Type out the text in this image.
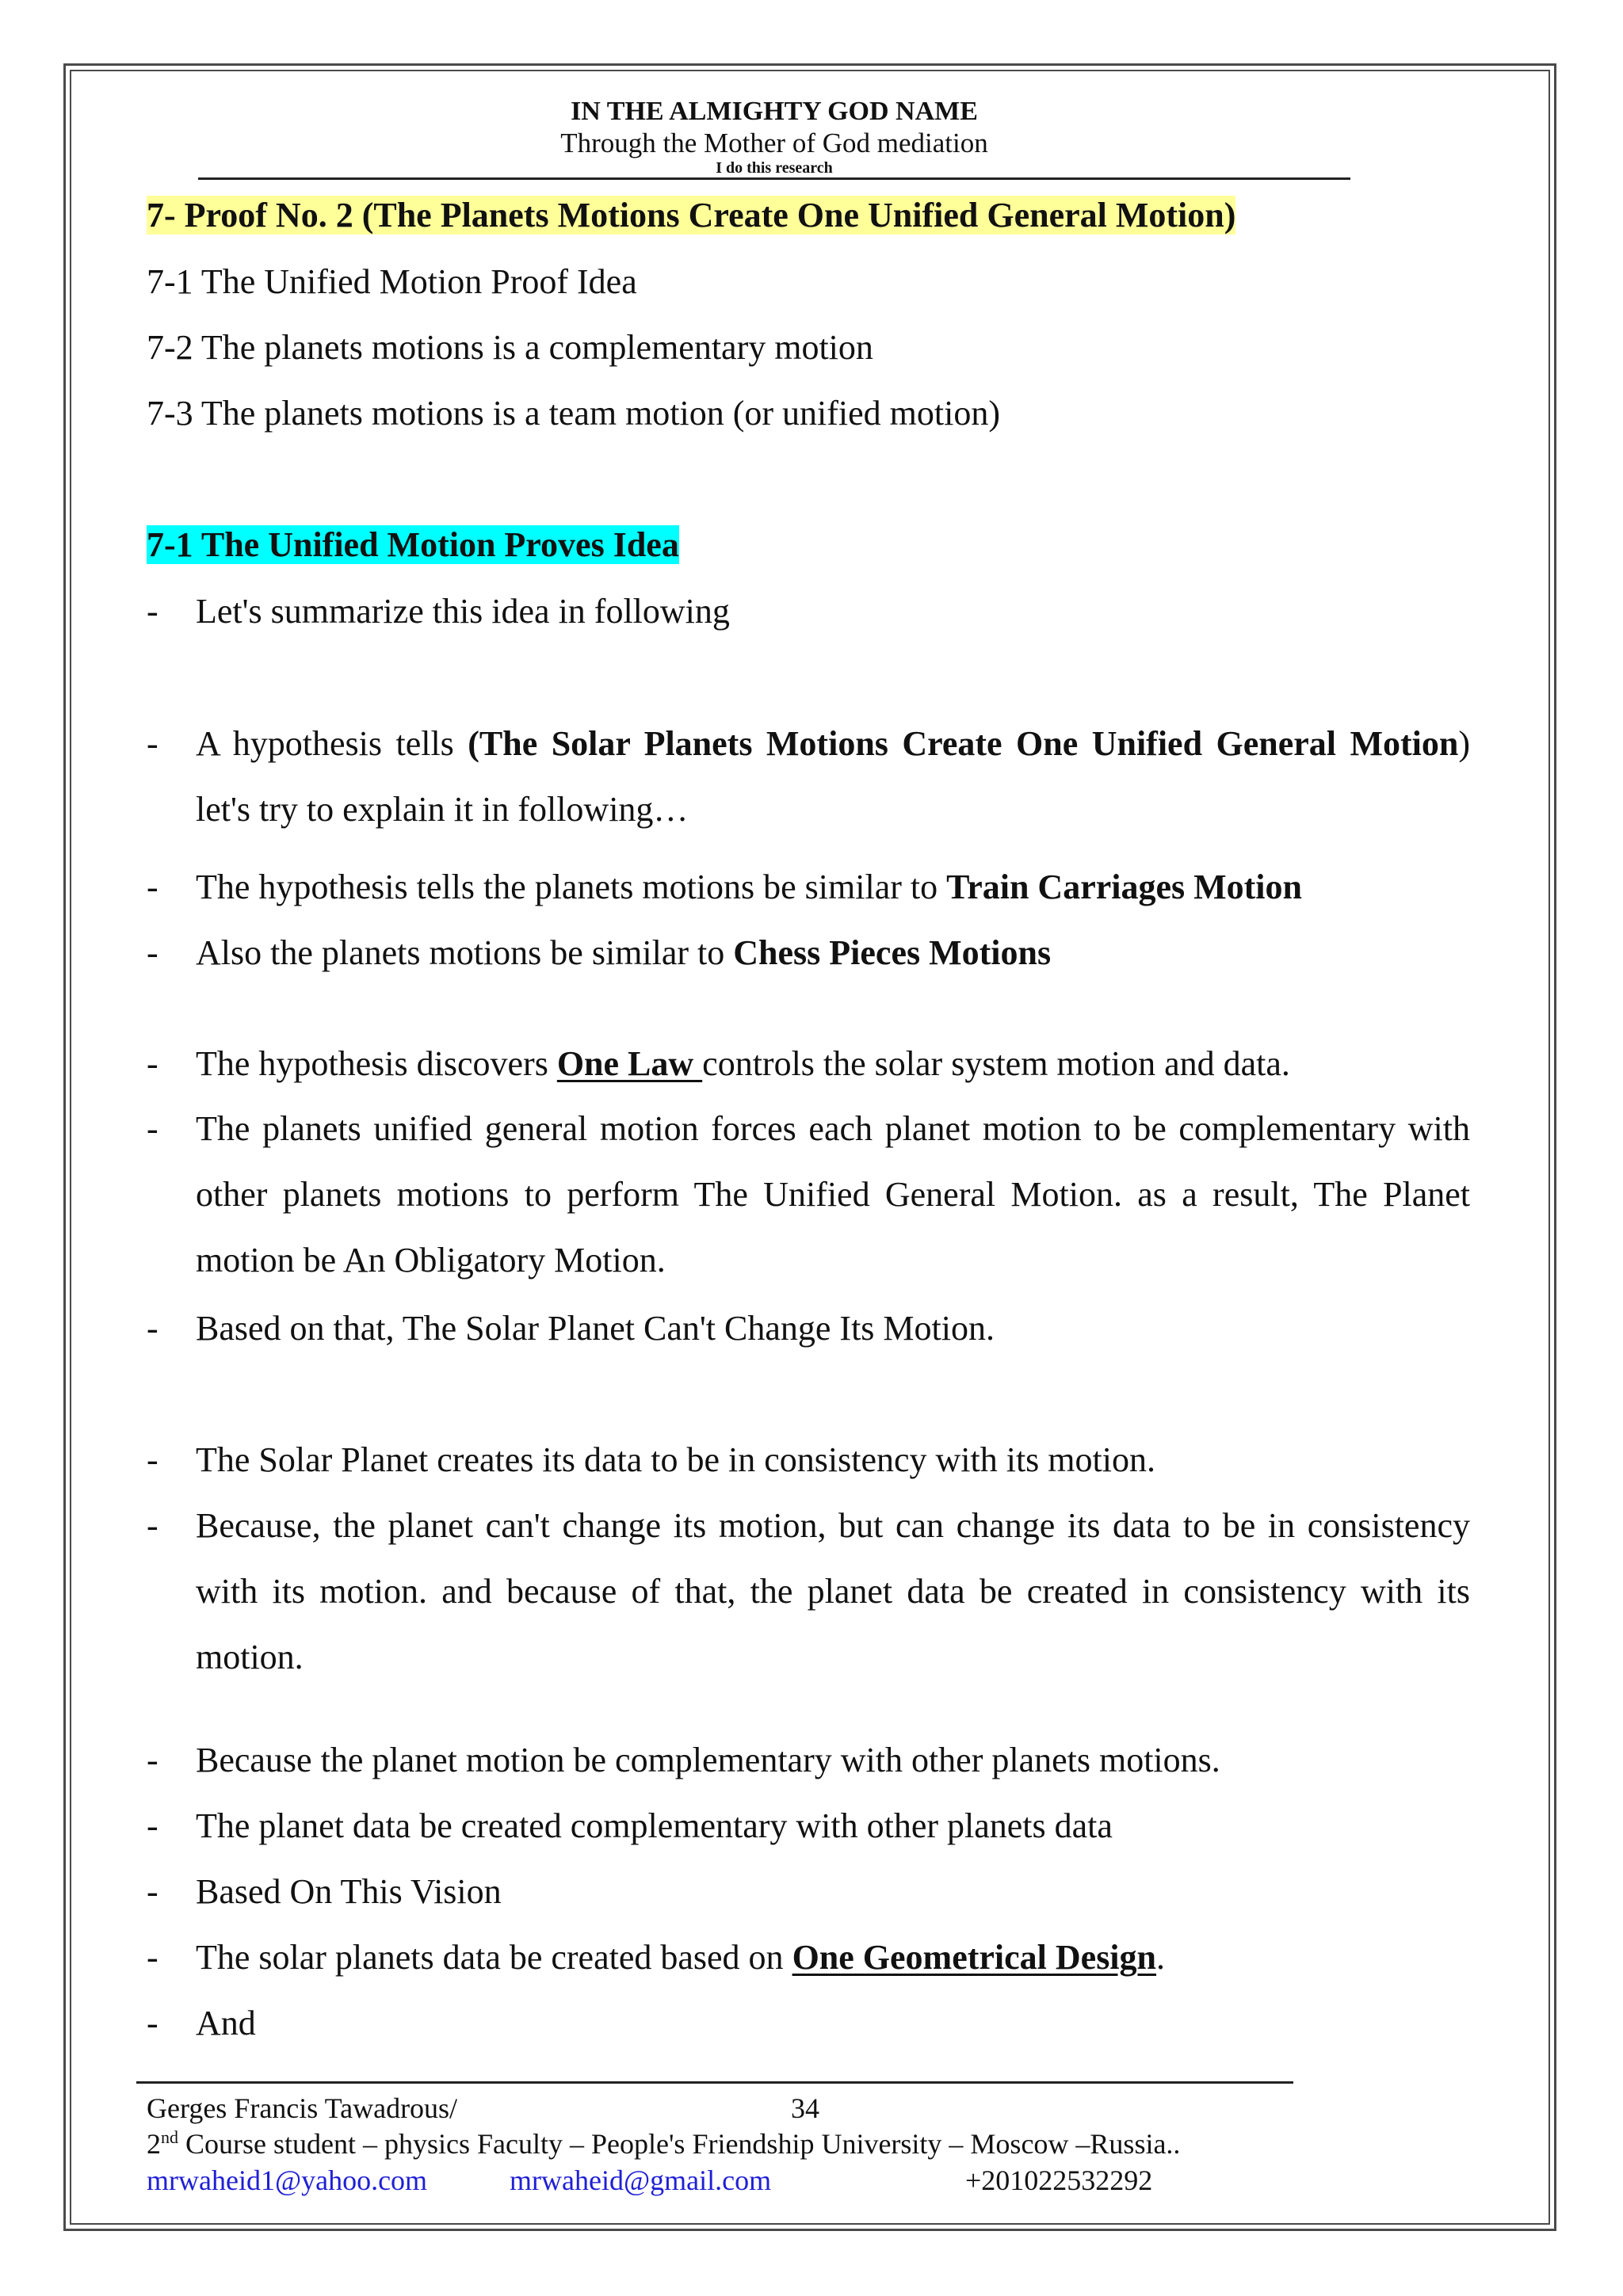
IN THE ALMIGHTY GOD NAME
Through the Mother of God mediation
I do this research
7- Proof No. 2 (The Planets Motions Create One Unified General Motion)
7-1 The Unified Motion Proof Idea
7-2 The planets motions is a complementary motion
7-3 The planets motions is a team motion (or unified motion)
7-1 The Unified Motion Proves Idea
- Let's summarize this idea in following
- A hypothesis tells (The Solar Planets Motions Create One Unified General Motion) let's try to explain it in following…
- The hypothesis tells the planets motions be similar to Train Carriages Motion
- Also the planets motions be similar to Chess Pieces Motions
- The hypothesis discovers One Law controls the solar system motion and data.
- The planets unified general motion forces each planet motion to be complementary with other planets motions to perform The Unified General Motion. as a result, The Planet motion be An Obligatory Motion.
- Based on that, The Solar Planet Can't Change Its Motion.
- The Solar Planet creates its data to be in consistency with its motion.
- Because, the planet can't change its motion, but can change its data to be in consistency with its motion. and because of that, the planet data be created in consistency with its motion.
- Because the planet motion be complementary with other planets motions.
- The planet data be created complementary with other planets data
- Based On This Vision
- The solar planets data be created based on One Geometrical Design.
- And
Gerges Francis Tawadrous/	34
2nd Course student – physics Faculty – People's Friendship University – Moscow –Russia..
mrwaheid1@yahoo.com	mrwaheid@gmail.com	+201022532292
